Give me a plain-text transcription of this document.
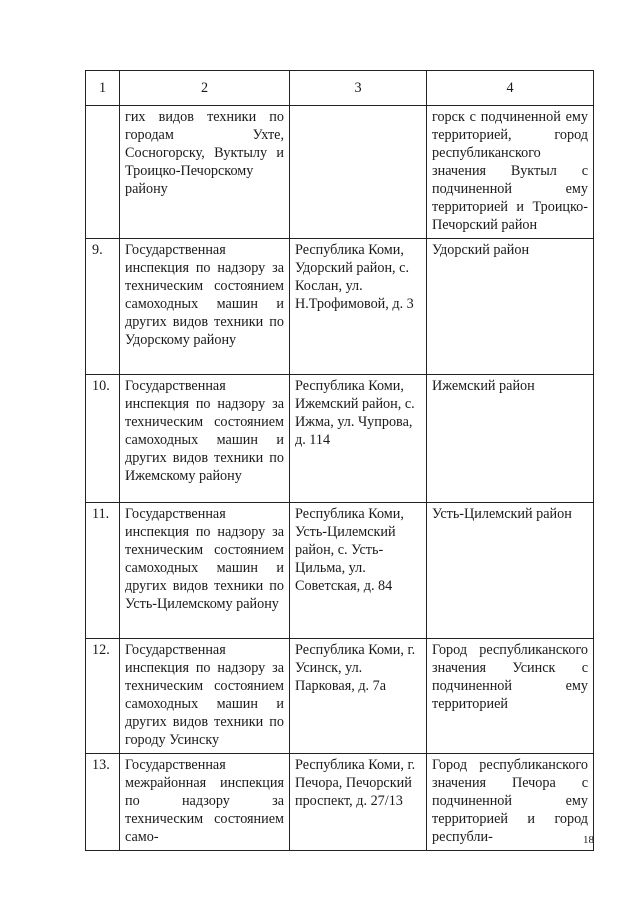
1	2	3	4
	гих видов техники по городам Ухте, Сосногорску, Вуктылу и Троицко-Печорскому району		горск с подчиненной ему территорией, город республиканского значения Вуктыл с подчиненной ему территорией и Троицко-Печорский район
9.	Государственная инспекция по надзору за техническим состоянием самоходных машин и других видов техники по Удорскому району	Республика Коми, Удорский район, с. Кослан, ул. Н.Трофимовой, д. 3	Удорский район
10.	Государственная инспекция по надзору за техническим состоянием самоходных машин и других видов техники по Ижемскому району	Республика Коми, Ижемский район, с. Ижма, ул. Чупрова, д. 114	Ижемский район
11.	Государственная инспекция по надзору за техническим состоянием самоходных машин и других видов техники по Усть-Цилемскому району	Республика Коми, Усть-Цилемский район, с. Усть-Цильма, ул. Советская, д. 84	Усть-Цилемский район
12.	Государственная инспекция по надзору за техническим состоянием самоходных машин и других видов техники по городу Усинску	Республика Коми, г. Усинск, ул. Парковая, д. 7а	Город республиканского значения Усинск с подчиненной ему территорией
13.	Государственная межрайонная инспекция по надзору за техническим состоянием само-	Республика Коми, г. Печора, Печорский проспект, д. 27/13	Город республиканского значения Печора с подчиненной ему территорией и город республи-	18
